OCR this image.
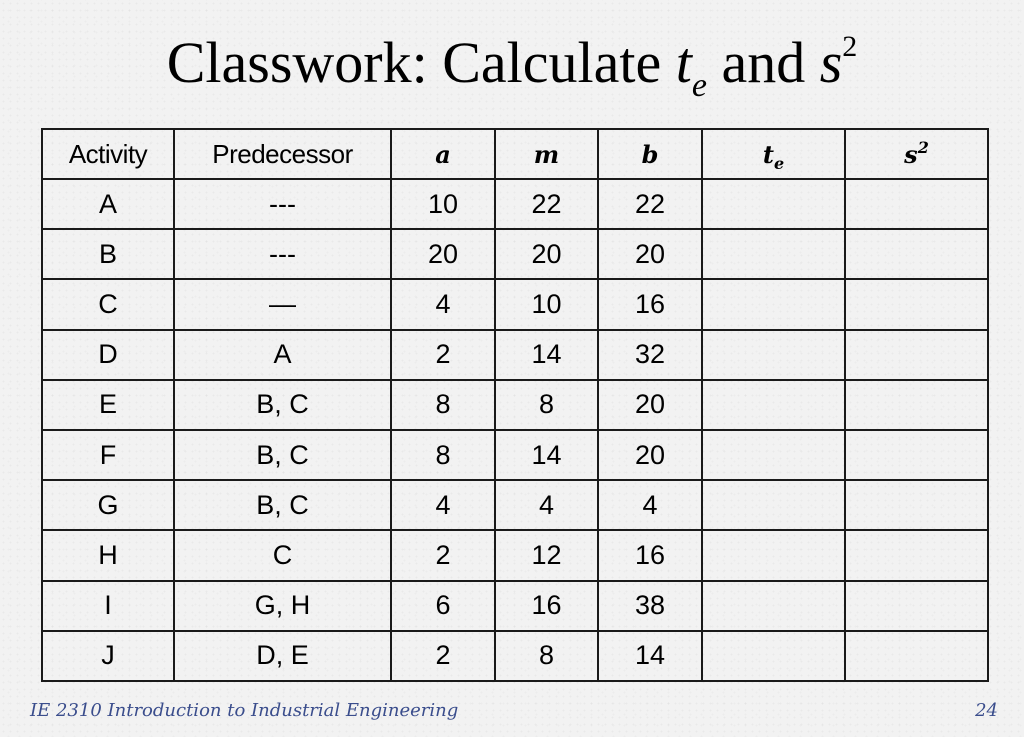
Classwork: Calculate $t_e$ and $s^2$
Activity	Predecessor	a	m	b	$t_e$	$s^2$
A	---	10	22	22		
B	---	20	20	20		
C	—	4	10	16		
D	A	2	14	32		
E	B, C	8	8	20		
F	B, C	8	14	20		
G	B, C	4	4	4		
H	C	2	12	16		
I	G, H	6	16	38		
J	D, E	2	8	14		
IE 2310 Introduction to Industrial Engineering	24
